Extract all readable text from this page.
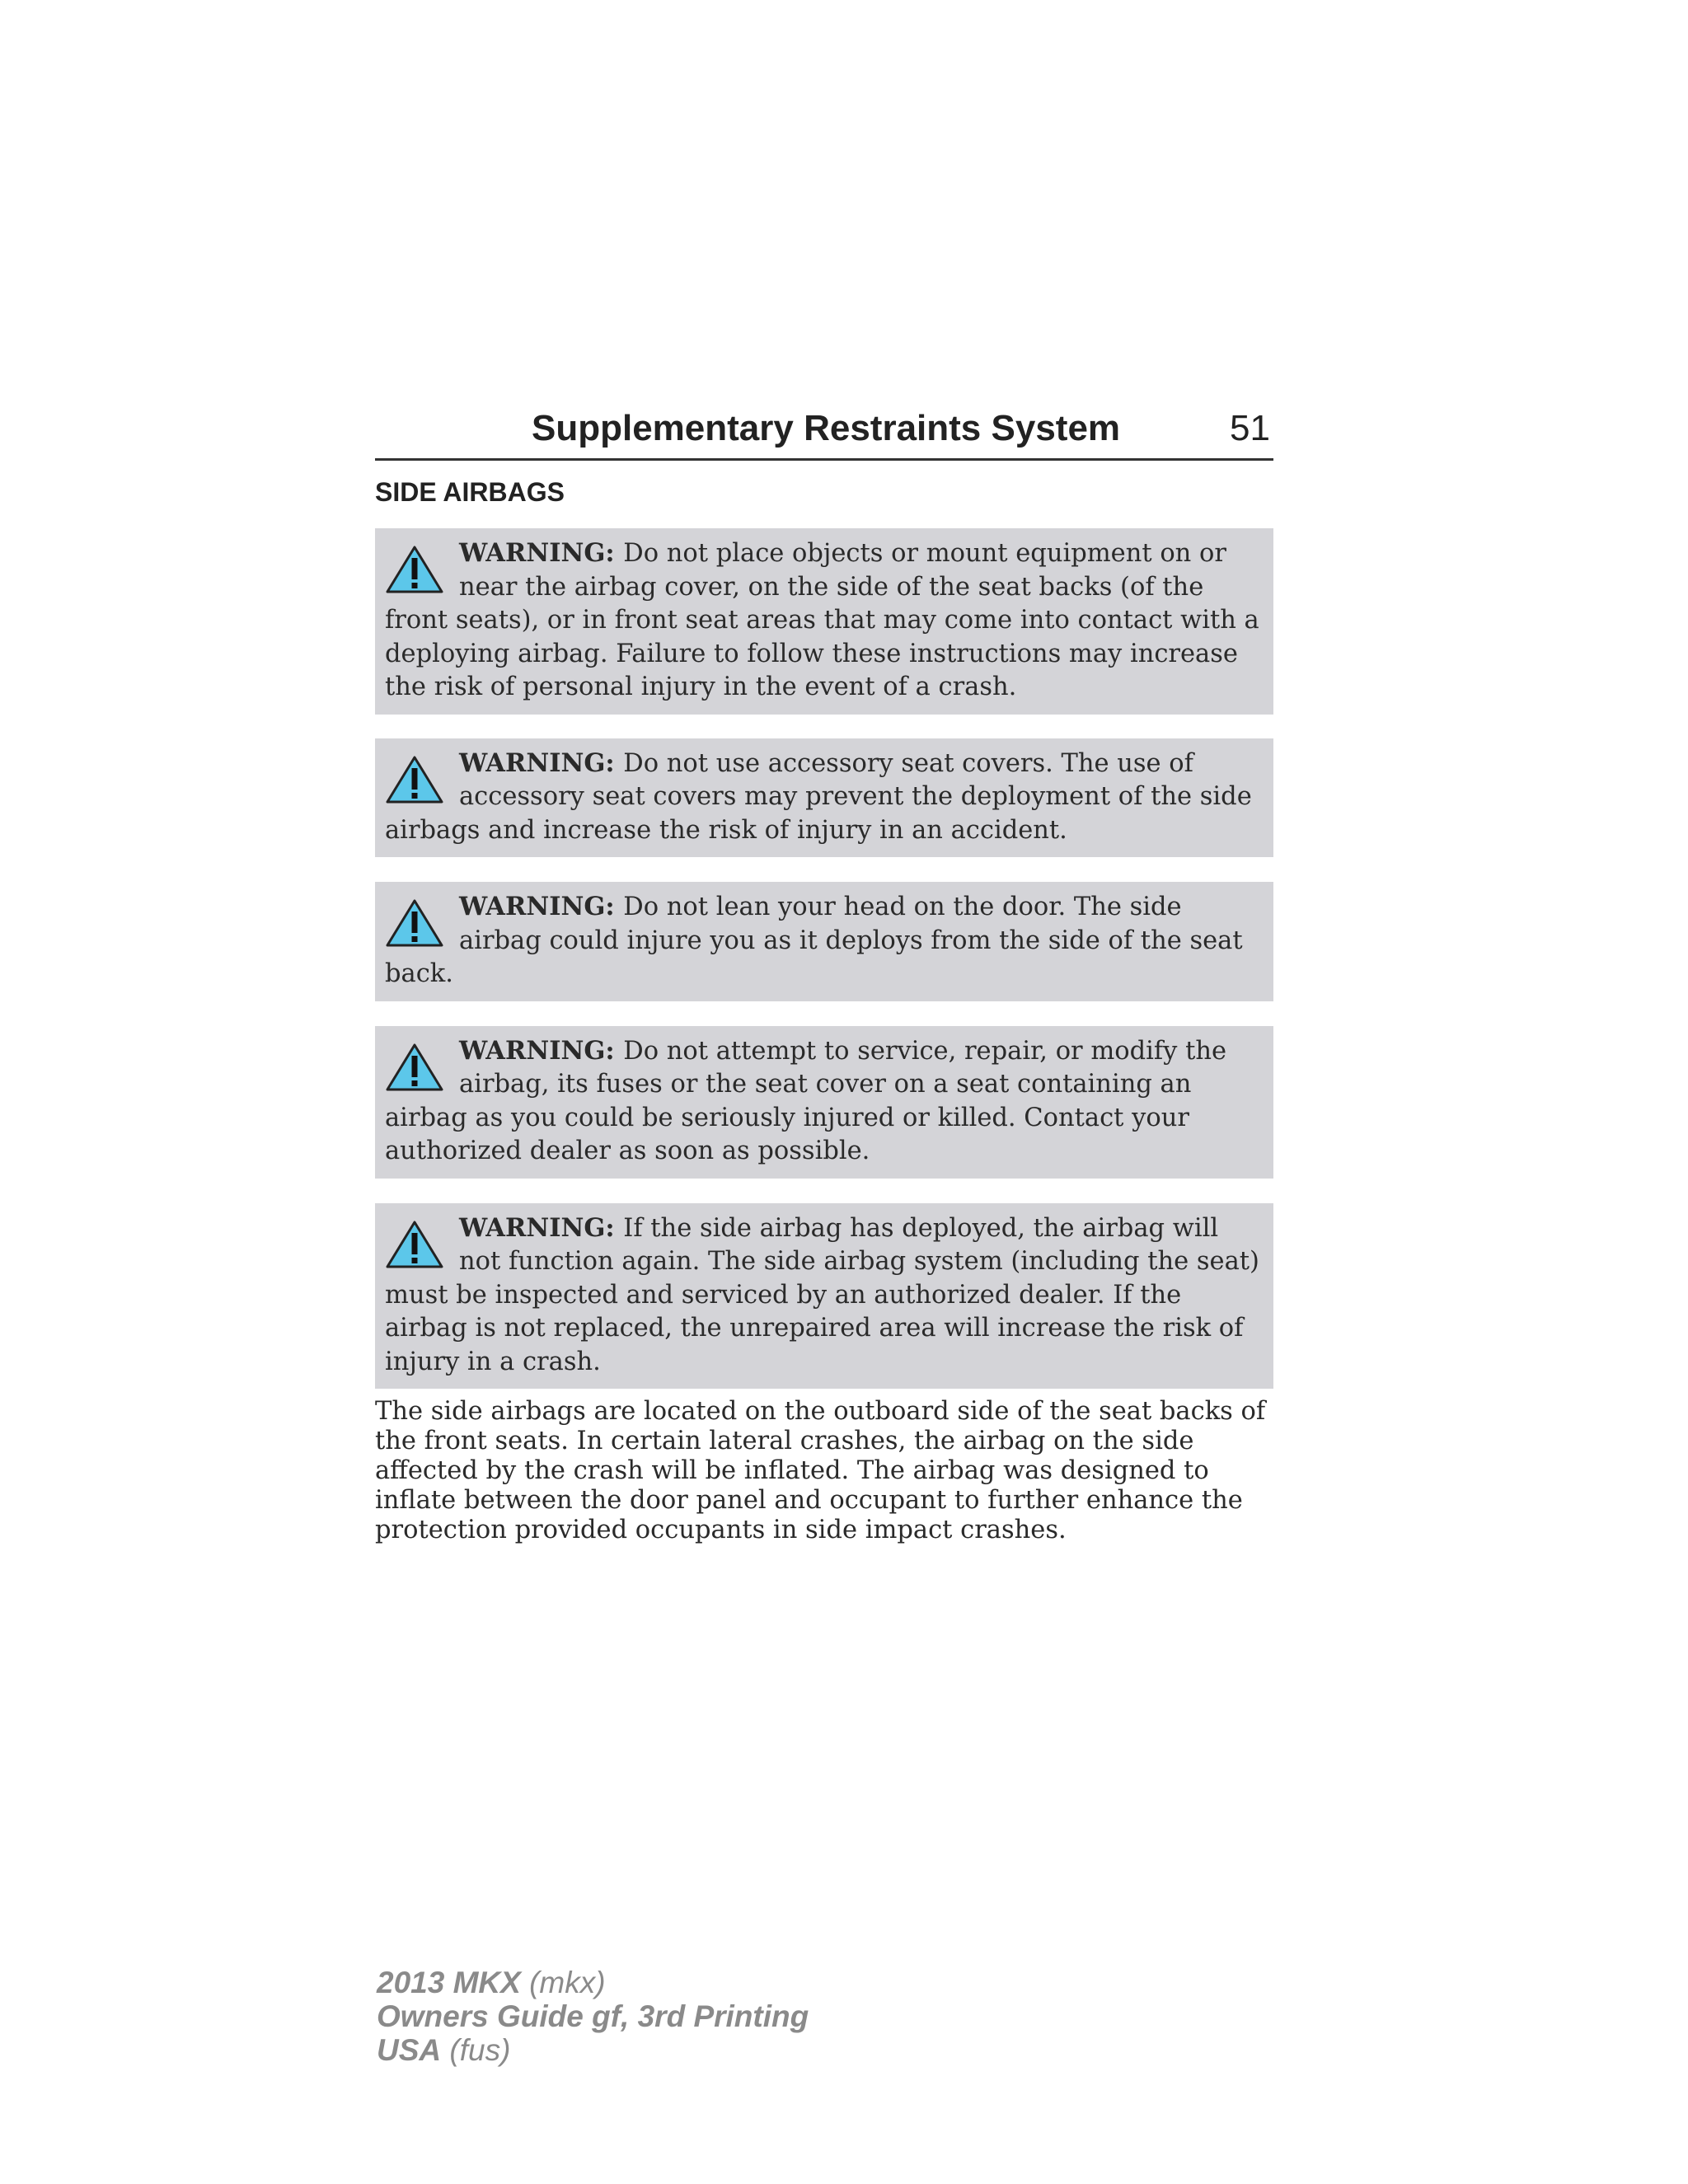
Supplementary Restraints System	51
SIDE AIRBAGS
WARNING: Do not place objects or mount equipment on or near the airbag cover, on the side of the seat backs (of the front seats), or in front seat areas that may come into contact with a deploying airbag. Failure to follow these instructions may increase the risk of personal injury in the event of a crash.
WARNING: Do not use accessory seat covers. The use of accessory seat covers may prevent the deployment of the side airbags and increase the risk of injury in an accident.
WARNING: Do not lean your head on the door. The side airbag could injure you as it deploys from the side of the seat back.
WARNING: Do not attempt to service, repair, or modify the airbag, its fuses or the seat cover on a seat containing an airbag as you could be seriously injured or killed. Contact your authorized dealer as soon as possible.
WARNING: If the side airbag has deployed, the airbag will not function again. The side airbag system (including the seat) must be inspected and serviced by an authorized dealer. If the airbag is not replaced, the unrepaired area will increase the risk of injury in a crash.
The side airbags are located on the outboard side of the seat backs of the front seats. In certain lateral crashes, the airbag on the side affected by the crash will be inflated. The airbag was designed to inflate between the door panel and occupant to further enhance the protection provided occupants in side impact crashes.
2013 MKX (mkx)
Owners Guide gf, 3rd Printing
USA (fus)
